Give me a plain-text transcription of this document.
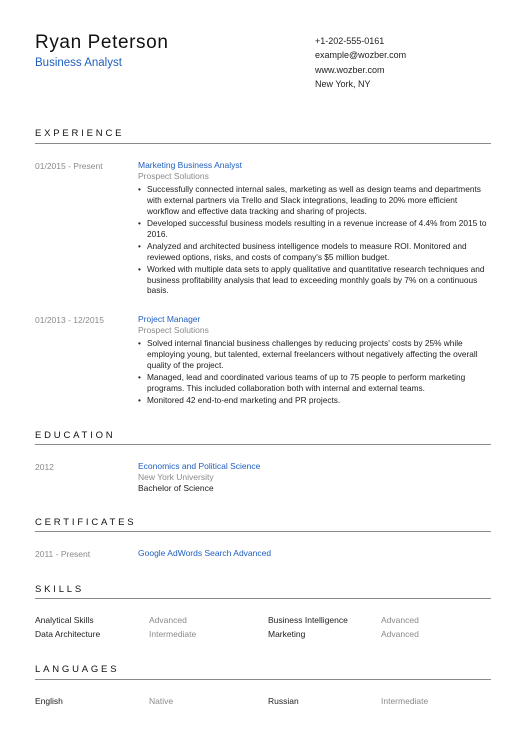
Ryan Peterson
Business Analyst
+1-202-555-0161
example@wozber.com
www.wozber.com
New York, NY
EXPERIENCE
01/2015 - Present	Marketing Business Analyst
Prospect Solutions
• Successfully connected internal sales, marketing as well as design teams and departments with external partners via Trello and Slack integrations, leading to 20% more efficient workflow and effective data tracking and sharing of projects.
• Developed successful business models resulting in a revenue increase of 4.4% from 2015 to 2016.
• Analyzed and architected business intelligence models to measure ROI. Monitored and reviewed options, risks, and costs of company's $5 million budget.
• Worked with multiple data sets to apply qualitative and quantitative research techniques and business profitability analysis that lead to exceeding monthly goals by 7% on a continuous basis.
01/2013 - 12/2015	Project Manager
Prospect Solutions
• Solved internal financial business challenges by reducing projects' costs by 25% while employing young, but talented, external freelancers without negatively affecting the overall quality of the project.
• Managed, lead and coordinated various teams of up to 75 people to perform marketing programs. This included collaboration both with internal and external teams.
• Monitored 42 end-to-end marketing and PR projects.
EDUCATION
2012	Economics and Political Science
New York University
Bachelor of Science
CERTIFICATES
2011 - Present	Google AdWords Search Advanced
SKILLS
Analytical Skills	Advanced	Business Intelligence	Advanced
Data Architecture	Intermediate	Marketing	Advanced
LANGUAGES
English	Native	Russian	Intermediate
